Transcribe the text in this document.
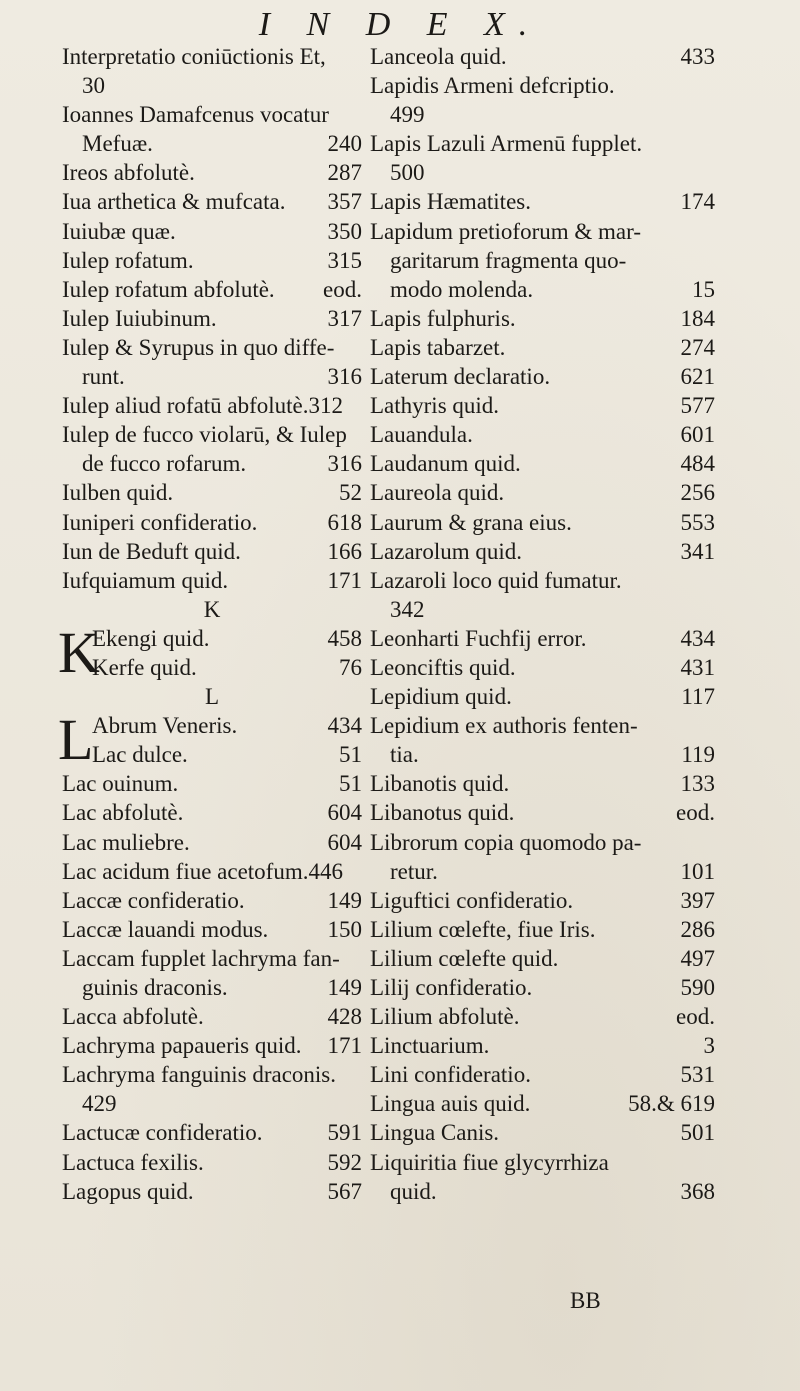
I N D E X.
Interpretatio coniūctionis Et,
30
Ioannes Damafcenus vocatur
Mefuæ.	240
Ireos abfolutè.	287
Iua arthetica & mufcata. 357
Iuiubæ quæ.	350
Iulep rofatum.	315
Iulep rofatum abfolutè. eod.
Iulep Iuiubinum.	317
Iulep & Syrupus in quo diffe-
runt.	316
Iulep aliud rofatū abfolutè.312
Iulep de fucco violarū, & Iulep
de fucco rofarum.	316
Iulben quid.	52
Iuniperi confideratio.	618
Iun de Beduft quid.	166
Iufquiamum quid.	171
K
K
Ekengi quid.	458
Kerfe quid.	76
L
L
Abrum Veneris.	434
Lac dulce.	51
Lac ouinum.	51
Lac abfolutè.	604
Lac muliebre.	604
Lac acidum fiue acetofum.446
Laccæ confideratio.	149
Laccæ lauandi modus.	150
Laccam fupplet lachryma fan-
guinis draconis.	149
Lacca abfolutè.	428
Lachryma papaueris quid. 171
Lachryma fanguinis draconis.
429
Lactucæ confideratio.	591
Lactuca fexilis.	592
Lagopus quid.	567
Lanceola quid.	433
Lapidis Armeni defcriptio.
499
Lapis Lazuli Armenū fupplet.
500
Lapis Hæmatites.	174
Lapidum pretioforum & mar-
garitarum fragmenta quo-
modo molenda.	15
Lapis fulphuris.	184
Lapis tabarzet.	274
Laterum declaratio.	621
Lathyris quid.	577
Lauandula.	601
Laudanum quid.	484
Laureola quid.	256
Laurum & grana eius.	553
Lazarolum quid.	341
Lazaroli loco quid fumatur.
342
Leonharti Fuchfij error.	434
Leonciftis quid.	431
Lepidium quid.	117
Lepidium ex authoris fenten-
tia.	119
Libanotis quid.	133
Libanotus quid.	eod.
Librorum copia quomodo pa-
retur.	101
Liguftici confideratio.	397
Lilium cœlefte, fiue Iris.	286
Lilium cœlefte quid.	497
Lilij confideratio.	590
Lilium abfolutè.	eod.
Linctuarium.	3
Lini confideratio.	531
Lingua auis quid.	58.& 619
Lingua Canis.	501
Liquiritia fiue glycyrrhiza
quid.	368
BB
